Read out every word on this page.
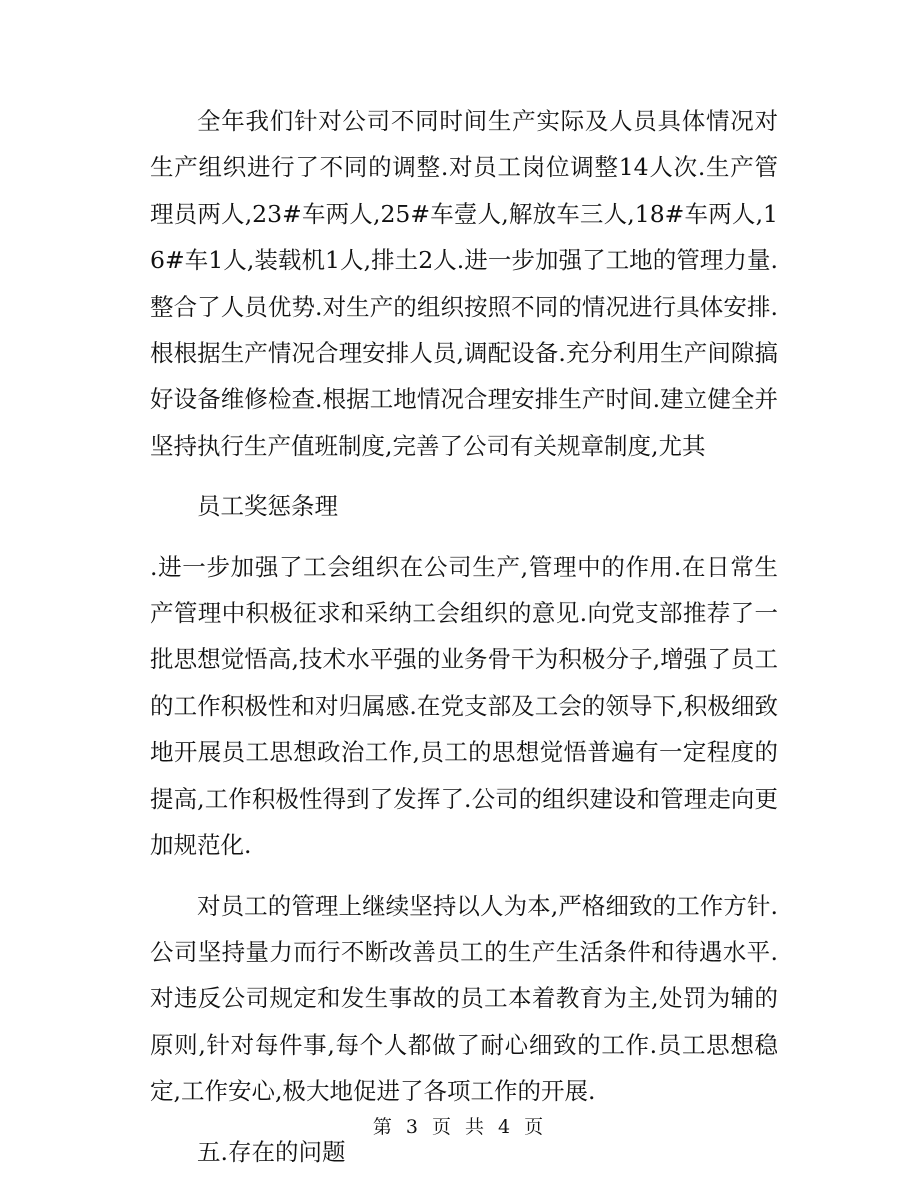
全年我们针对公司不同时间生产实际及人员具体情况对生产组织进行了不同的调整.对员工岗位调整14人次.生产管理员两人,23#车两人,25#车壹人,解放车三人,18#车两人,16#车1人,装载机1人,排土2人.进一步加强了工地的管理力量.整合了人员优势.对生产的组织按照不同的情况进行具体安排.根根据生产情况合理安排人员,调配设备.充分利用生产间隙搞好设备维修检查.根据工地情况合理安排生产时间.建立健全并坚持执行生产值班制度,完善了公司有关规章制度,尤其

员工奖惩条理

.进一步加强了工会组织在公司生产,管理中的作用.在日常生产管理中积极征求和采纳工会组织的意见.向党支部推荐了一批思想觉悟高,技术水平强的业务骨干为积极分子,增强了员工的工作积极性和对归属感.在党支部及工会的领导下,积极细致地开展员工思想政治工作,员工的思想觉悟普遍有一定程度的提高,工作积极性得到了发挥了.公司的组织建设和管理走向更加规范化.

对员工的管理上继续坚持以人为本,严格细致的工作方针.公司坚持量力而行不断改善员工的生产生活条件和待遇水平.对违反公司规定和发生事故的员工本着教育为主,处罚为辅的原则,针对每件事,每个人都做了耐心细致的工作.员工思想稳定,工作安心,极大地促进了各项工作的开展.

五.存在的问题

第 3 页 共 4 页
